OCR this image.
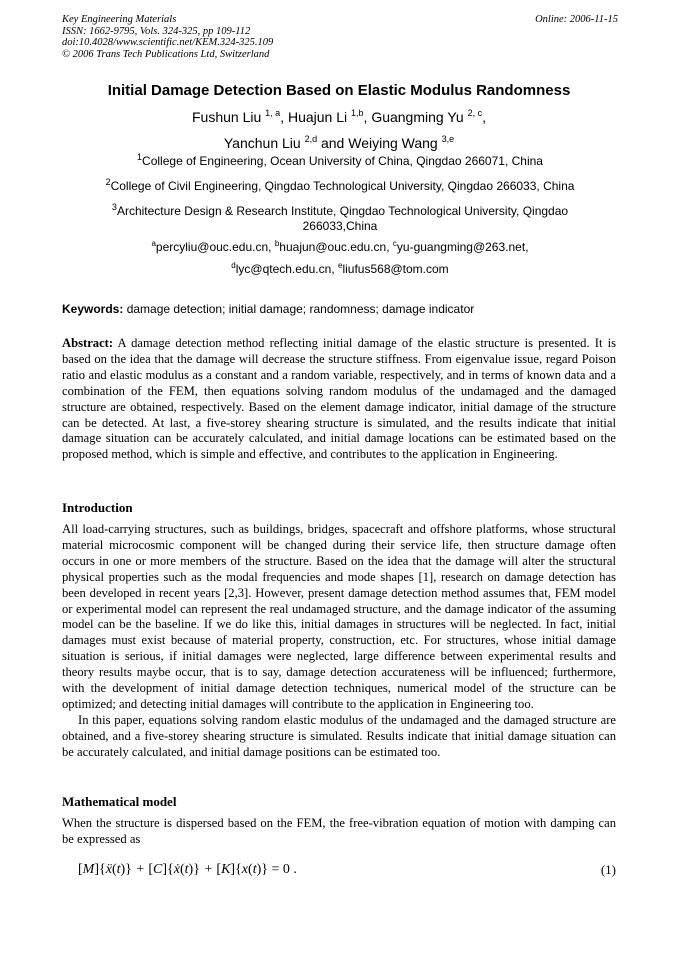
Key Engineering Materials
ISSN: 1662-9795, Vols. 324-325, pp 109-112
doi:10.4028/www.scientific.net/KEM.324-325.109
© 2006 Trans Tech Publications Ltd, Switzerland
Online: 2006-11-15
Initial Damage Detection Based on Elastic Modulus Randomness
Fushun Liu $^{1, a}$, Huajun Li $^{1,b}$, Guangming Yu $^{2, c}$,
Yanchun Liu $^{2,d}$ and Weiying Wang $^{3,e}$
$^1$College of Engineering, Ocean University of China, Qingdao 266071, China
$^2$College of Civil Engineering, Qingdao Technological University, Qingdao 266033, China
$^3$Architecture Design & Research Institute, Qingdao Technological University, Qingdao
266033,China
$^a$percyliu@ouc.edu.cn, $^b$huajun@ouc.edu.cn, $^c$yu-guangming@263.net,
$^d$lyc@qtech.edu.cn, $^e$liufus568@tom.com
Keywords: damage detection; initial damage; randomness; damage indicator
Abstract: A damage detection method reflecting initial damage of the elastic structure is presented. It is based on the idea that the damage will decrease the structure stiffness. From eigenvalue issue, regard Poison ratio and elastic modulus as a constant and a random variable, respectively, and in terms of known data and a combination of the FEM, then equations solving random modulus of the undamaged and the damaged structure are obtained, respectively. Based on the element damage indicator, initial damage of the structure can be detected. At last, a five-storey shearing structure is simulated, and the results indicate that initial damage situation can be accurately calculated, and initial damage locations can be estimated based on the proposed method, which is simple and effective, and contributes to the application in Engineering.
Introduction

All load-carrying structures, such as buildings, bridges, spacecraft and offshore platforms, whose structural material microcosmic component will be changed during their service life, then structure damage often occurs in one or more members of the structure. Based on the idea that the damage will alter the structural physical properties such as the modal frequencies and mode shapes [1], research on damage detection has been developed in recent years [2,3]. However, present damage detection method assumes that, FEM model or experimental model can represent the real undamaged structure, and the damage indicator of the assuming model can be the baseline. If we do like this, initial damages in structures will be neglected. In fact, initial damages must exist because of material property, construction, etc. For structures, whose initial damage situation is serious, if initial damages were neglected, large difference between experimental results and theory results maybe occur, that is to say, damage detection accurateness will be influenced; furthermore, with the development of initial damage detection techniques, numerical model of the structure can be optimized; and detecting initial damages will contribute to the application in Engineering too.

In this paper, equations solving random elastic modulus of the undamaged and the damaged structure are obtained, and a five-storey shearing structure is simulated. Results indicate that initial damage situation can be accurately calculated, and initial damage positions can be estimated too.

Mathematical model
When the structure is dispersed based on the FEM, the free-vibration equation of motion with damping can be expressed as
[M]{ẍ(t)} + [C]{ẋ(t)} + [K]{x(t)} = 0 .	(1)
